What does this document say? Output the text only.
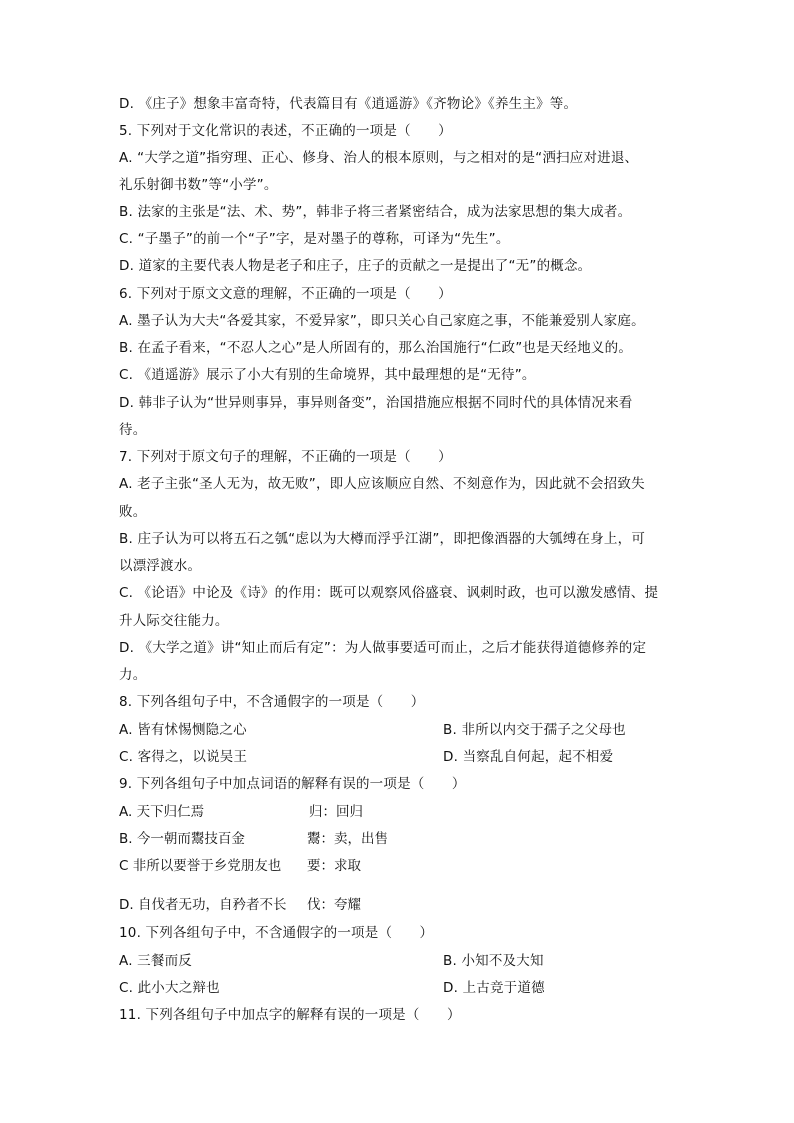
D. 《庄子》想象丰富奇特，代表篇目有《逍遥游》《齐物论》《养生主》等。
5. 下列对于文化常识的表述，不正确的一项是（　　）
A. “大学之道”指穷理、正心、修身、治人的根本原则，与之相对的是“洒扫应对进退、
礼乐射御书数”等“小学”。
B. 法家的主张是“法、术、势”，韩非子将三者紧密结合，成为法家思想的集大成者。
C. “子墨子”的前一个“子”字，是对墨子的尊称，可译为“先生”。
D. 道家的主要代表人物是老子和庄子，庄子的贡献之一是提出了“无”的概念。
6. 下列对于原文文意的理解，不正确的一项是（　　）
A. 墨子认为大夫“各爱其家，不爱异家”，即只关心自己家庭之事，不能兼爱别人家庭。
B. 在孟子看来，“不忍人之心”是人所固有的，那么治国施行“仁政”也是天经地义的。
C. 《逍遥游》展示了小大有别的生命境界，其中最理想的是“无待”。
D. 韩非子认为“世异则事异，事异则备变”，治国措施应根据不同时代的具体情况来看
待。
7. 下列对于原文句子的理解，不正确的一项是（　　）
A. 老子主张“圣人无为，故无败”，即人应该顺应自然、不刻意作为，因此就不会招致失
败。
B. 庄子认为可以将五石之瓠“虑以为大樽而浮乎江湖”，即把像酒器的大瓠缚在身上，可
以漂浮渡水。
C. 《论语》中论及《诗》的作用：既可以观察风俗盛衰、讽刺时政，也可以激发感情、提
升人际交往能力。
D. 《大学之道》讲“知止而后有定”：为人做事要适可而止，之后才能获得道德修养的定
力。
8. 下列各组句子中，不含通假字的一项是（　　）
A. 皆有怵惕恻隐之心	B. 非所以内交于孺子之父母也
C. 客得之，以说吴王	D. 当察乱自何起，起不相爱
9. 下列各组句子中加点词语的解释有误的一项是（　　）
A. 天下归仁焉	归：回归
B. 今一朝而鬻技百金	鬻：卖，出售
C 非所以要誉于乡党朋友也	要：求取
D. 自伐者无功，自矜者不长	伐：夸耀
10. 下列各组句子中，不含通假字的一项是（　　）
A. 三餐而反	B. 小知不及大知
C. 此小大之辩也	D. 上古竞于道德
11. 下列各组句子中加点字的解释有误的一项是（　　）
